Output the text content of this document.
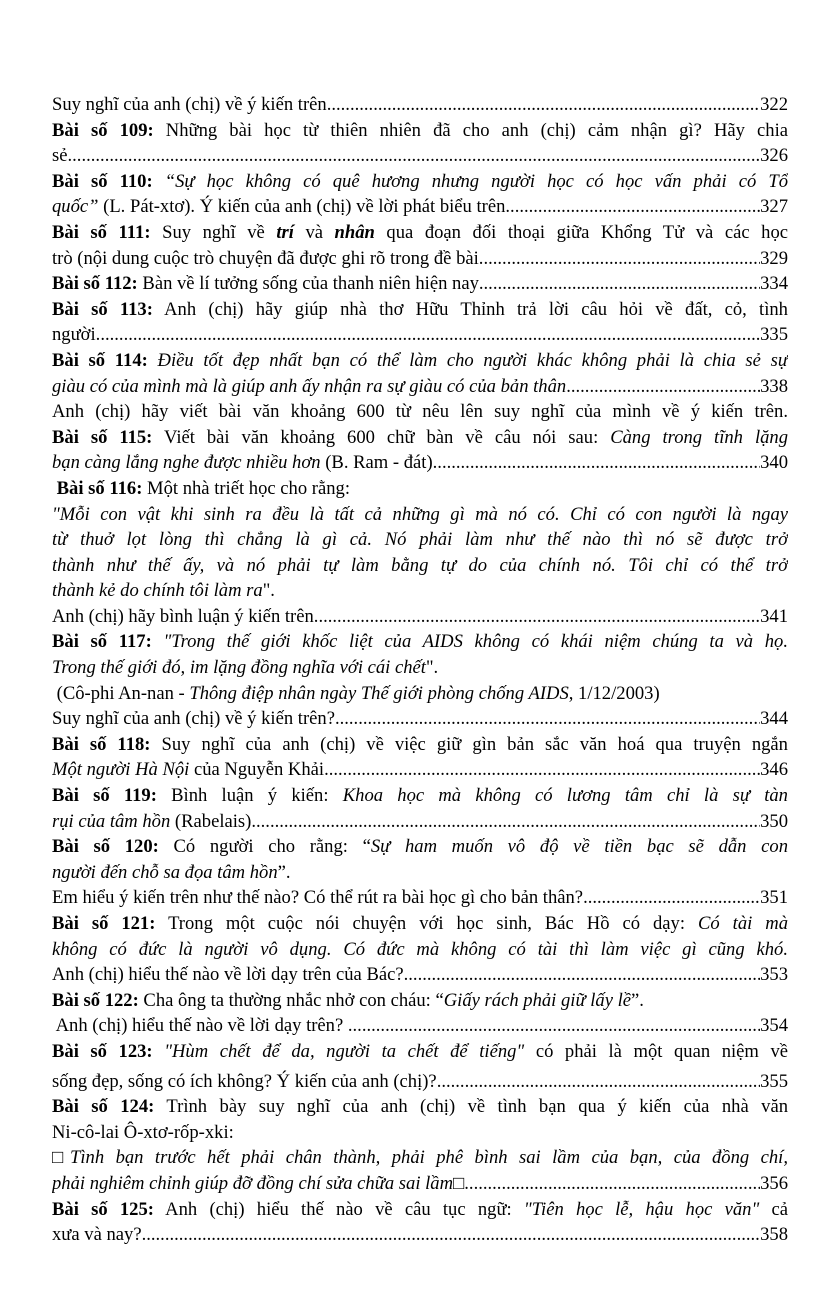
Suy nghĩ của anh (chị) về ý kiến trên .....	322
Bài số 109: Những bài học từ thiên nhiên đã cho anh (chị) cảm nhận gì? Hãy chia
sẻ .....	326
Bài số 110: “Sự học không có quê hương nhưng người học có học vấn phải có Tổ
quốc” (L. Pát-xtơ). Ý kiến của anh (chị) về lời phát biểu trên .....	327
Bài số 111: Suy nghĩ về trí và nhân qua đoạn đối thoại giữa Khổng Tử và các học
trò (nội dung cuộc trò chuyện đã được ghi rõ trong đề bài. .....	329
Bài số 112: Bàn về lí tưởng sống của thanh niên hiện nay .....	334
Bài số 113: Anh (chị) hãy giúp nhà thơ Hữu Thỉnh trả lời câu hỏi về đất, cỏ, tình
người .....	335
Bài số 114: Điều tốt đẹp nhất bạn có thể làm cho người khác không phải là chia sẻ sự
giàu có của mình mà là giúp anh ấy nhận ra sự giàu có của bản thân .....	338
Anh (chị) hãy viết bài văn khoảng 600 từ nêu lên suy nghĩ của mình về ý kiến trên.
Bài số 115: Viết bài văn khoảng 600 chữ bàn về câu nói sau: Càng trong tĩnh lặng
bạn càng lắng nghe được nhiều hơn (B. Ram - đát) .....	340
Bài số 116: Một nhà triết học cho rằng:
"Mỗi con vật khi sinh ra đều là tất cả những gì mà nó có. Chỉ có con người là ngay
từ thuở lọt lòng thì chẳng là gì cả. Nó phải làm như thế nào thì nó sẽ được trở
thành như thế ấy, và nó phải tự làm bằng tự do của chính nó. Tôi chỉ có thể trở
thành kẻ do chính tôi làm ra".
Anh (chị) hãy bình luận ý kiến trên .....	341
Bài số 117: "Trong thế giới khốc liệt của AIDS không có khái niệm chúng ta và họ.
Trong thế giới đó, im lặng đồng nghĩa với cái chết".
(Cô-phi An-nan - Thông điệp nhân ngày Thế giới phòng chống AIDS, 1/12/2003)
Suy nghĩ của anh (chị) về ý kiến trên? .....	344
Bài số 118: Suy nghĩ của anh (chị) về việc giữ gìn bản sắc văn hoá qua truyện ngắn
Một người Hà Nội của Nguyễn Khải .....	346
Bài số 119: Bình luận ý kiến: Khoa học mà không có lương tâm chỉ là sự tàn
rụi của tâm hồn (Rabelais) .....	350
Bài số 120: Có người cho rằng: “Sự ham muốn vô độ về tiền bạc sẽ dẫn con
người đến chỗ sa đọa tâm hồn”.
Em hiểu ý kiến trên như thế nào? Có thể rút ra bài học gì cho bản thân? .....	351
Bài số 121: Trong một cuộc nói chuyện với học sinh, Bác Hồ có dạy: Có tài mà
không có đức là người vô dụng. Có đức mà không có tài thì làm việc gì cũng khó.
Anh (chị) hiểu thế nào về lời dạy trên của Bác? .....	353
Bài số 122: Cha ông ta thường nhắc nhở con cháu: “Giấy rách phải giữ lấy lề”.
Anh (chị) hiểu thế nào về lời dạy trên? .....	354
Bài số 123: "Hùm chết để da, người ta chết để tiếng" có phải là một quan niệm về
sống đẹp, sống có ích không? Ý kiến của anh (chị)? .....	355
Bài số 124: Trình bày suy nghĩ của anh (chị) về tình bạn qua ý kiến của nhà văn
Ni-cô-lai Ô-xtơ-rốp-xki:
□Tình bạn trước hết phải chân thành, phải phê bình sai lầm của bạn, của đồng chí,
phải nghiêm chỉnh giúp đỡ đồng chí sửa chữa sai lầm□ .....	356
Bài số 125: Anh (chị) hiểu thế nào về câu tục ngữ: "Tiên học lễ, hậu học văn" cả
xưa và nay? .....	358
